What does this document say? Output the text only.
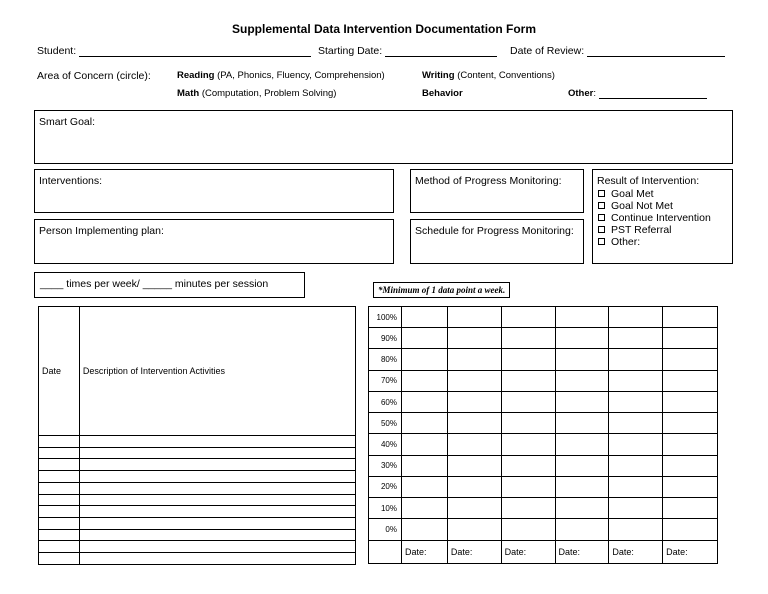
Supplemental Data Intervention Documentation Form
Student:	Starting Date:	Date of Review:
Area of Concern (circle):	Reading (PA, Phonics, Fluency, Comprehension)	Writing (Content, Conventions)
Math (Computation, Problem Solving)	Behavior	Other:
Smart Goal:
Interventions:	Method of Progress Monitoring:
Person Implementing plan:	Schedule for Progress Monitoring:
Result of Intervention:
Goal Met
Goal Not Met
Continue Intervention
PST Referral
Other:
____ times per week/ _____ minutes per session	*Minimum of 1 data point a week.
Date	Description of Intervention Activities

100%						
90%						
80%						
70%						
60%						
50%						
40%						
30%						
20%						
10%						
0%						
	Date:	Date:	Date:	Date:	Date:	Date:
